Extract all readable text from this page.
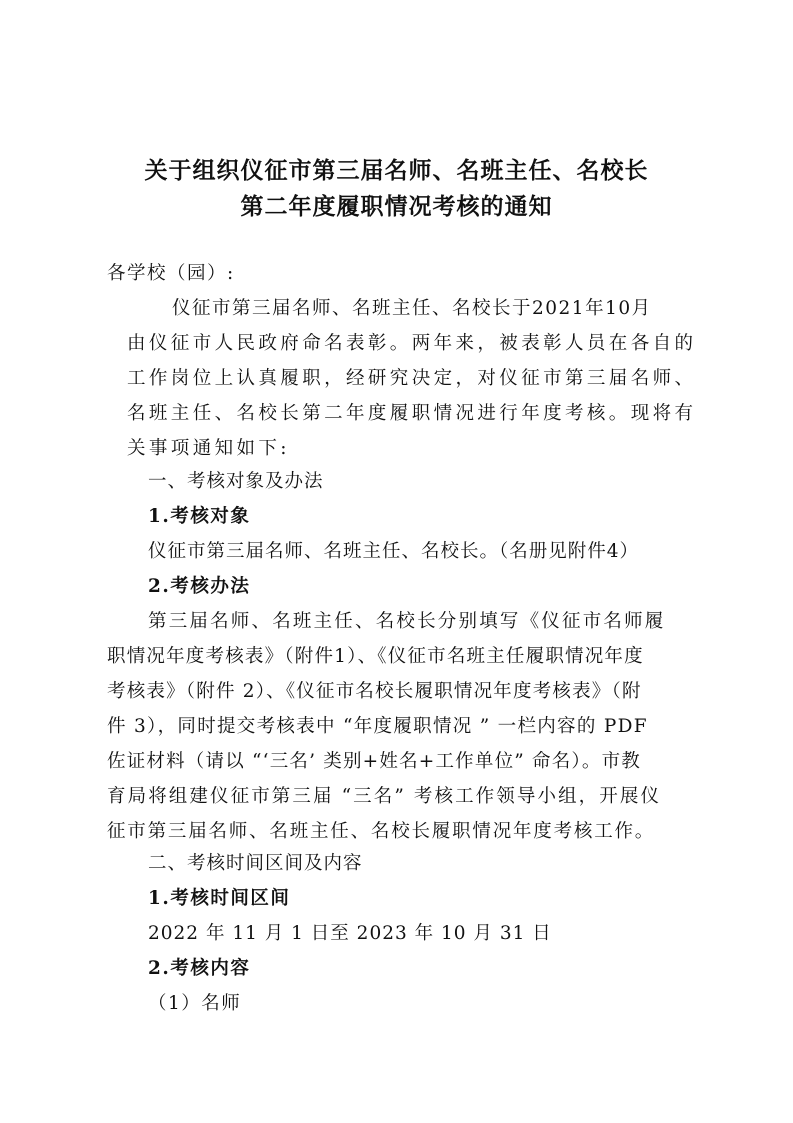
关于组织仪征市第三届名师、名班主任、名校长
第二年度履职情况考核的通知
各学校（园）:
仪征市第三届名师、名班主任、名校长于2021年10月
由仪征市人民政府命名表彰。两年来，被表彰人员在各自的
工作岗位上认真履职，经研究决定，对仪征市第三届名师、
名班主任、名校长第二年度履职情况进行年度考核。现将有
关事项通知如下:
一、考核对象及办法
1.考核对象
仪征市第三届名师、名班主任、名校长。（名册见附件4）
2.考核办法
第三届名师、名班主任、名校长分别填写《仪征市名师履
职情况年度考核表》（附件1）、《仪征市名班主任履职情况年度
考核表》（附件 2）、《仪征市名校长履职情况年度考核表》（附
件 3），同时提交考核表中 “年度履职情况 ” 一栏内容的 PDF
佐证材料（请以 “‘三名’ 类别+姓名+工作单位” 命名）。市教
育局将组建仪征市第三届 “三名” 考核工作领导小组，开展仪
征市第三届名师、名班主任、名校长履职情况年度考核工作。
二、考核时间区间及内容
1.考核时间区间
2022 年 11 月 1 日至 2023 年 10 月 31 日
2.考核内容
（1）名师
